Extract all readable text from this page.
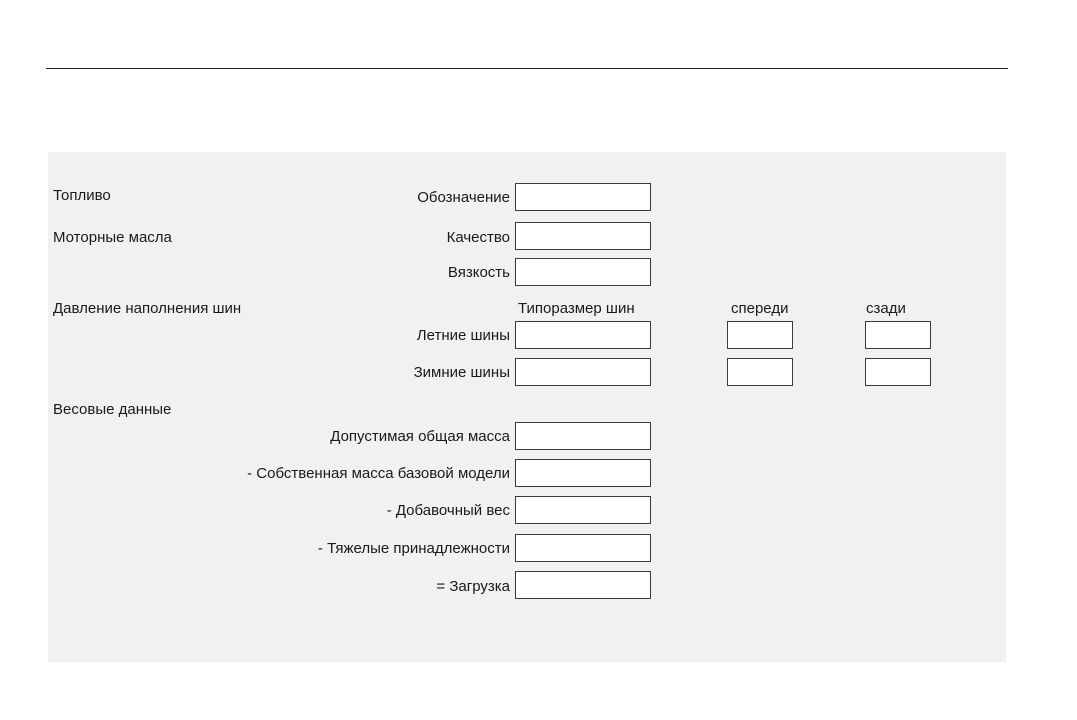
Топливо
Моторные масла
Давление наполнения шин
Весовые данные
Обозначение
Качество
Вязкость
Типоразмер шин	спереди	сзади
Летние шины
Зимние шины
Допустимая общая масса
- Собственная масса базовой модели
- Добавочный вес
- Тяжелые принадлежности
= Загрузка
